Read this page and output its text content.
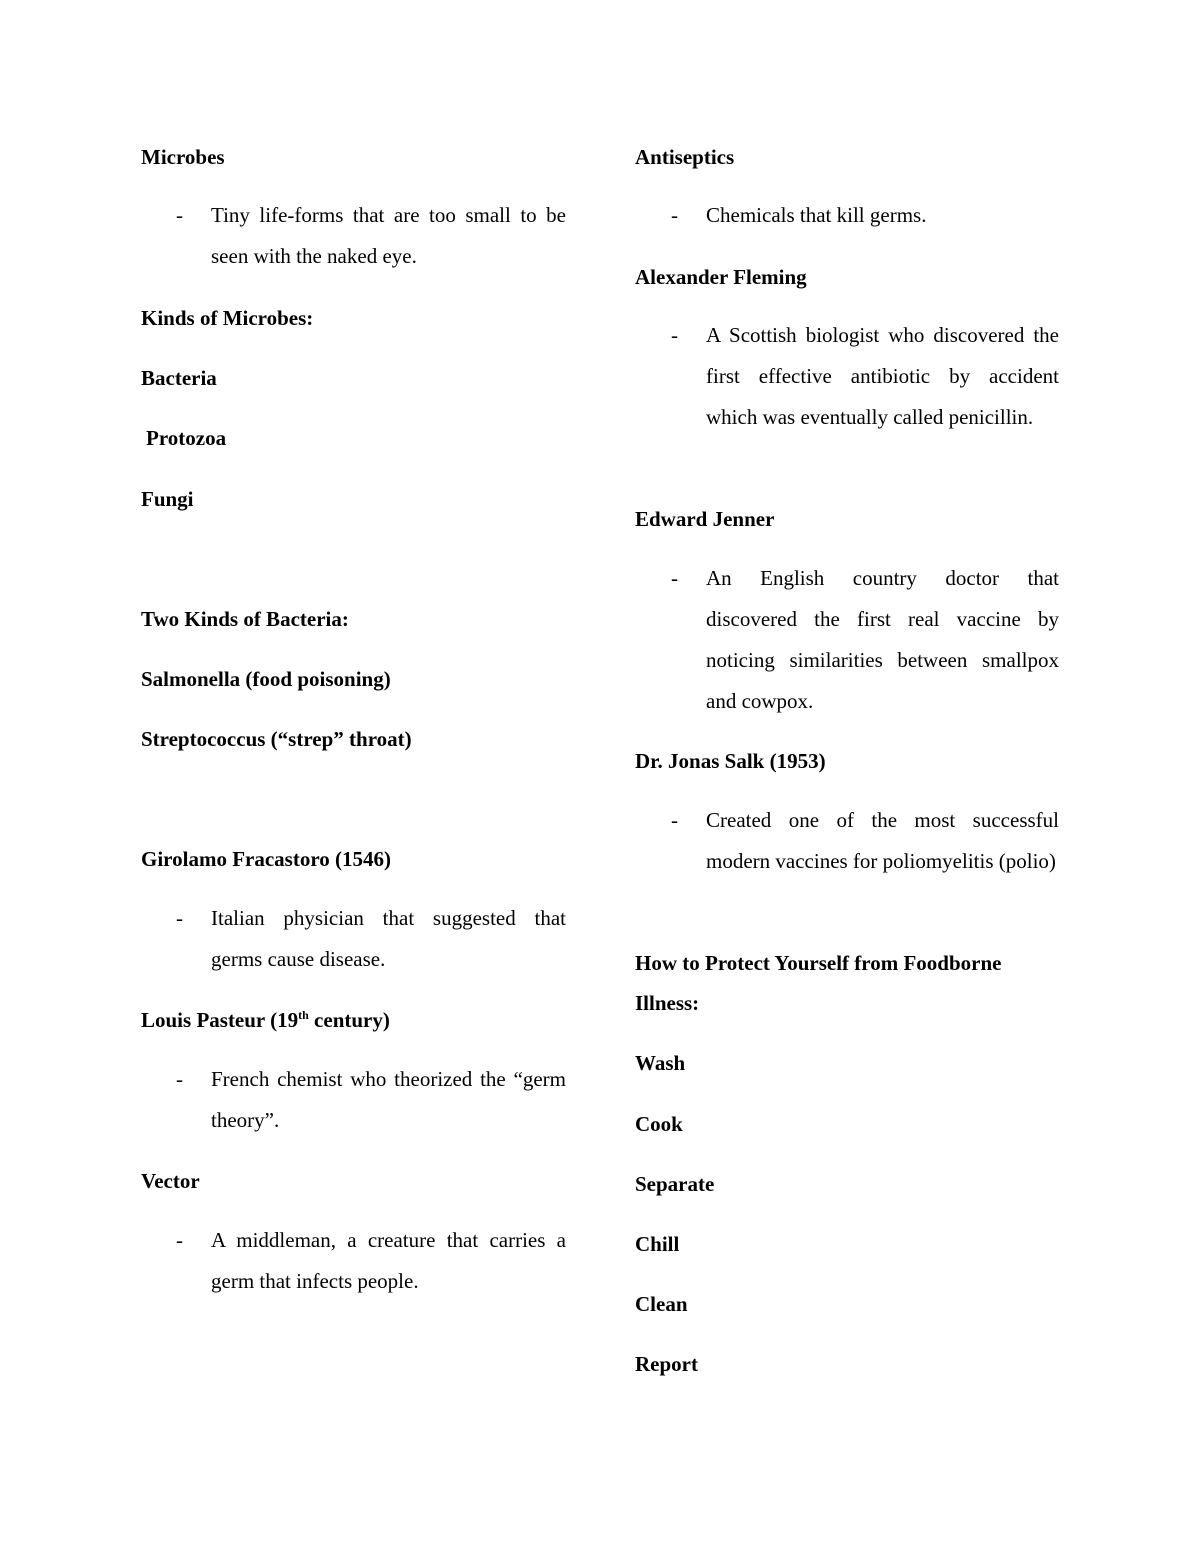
Microbes
- Tiny life-forms that are too small to be seen with the naked eye.
Kinds of Microbes:
Bacteria
Protozoa
Fungi
Two Kinds of Bacteria:
Salmonella (food poisoning)
Streptococcus (“strep” throat)
Girolamo Fracastoro (1546)
- Italian physician that suggested that germs cause disease.
Louis Pasteur (19th century)
- French chemist who theorized the “germ theory”.
Vector
- A middleman, a creature that carries a germ that infects people.
Antiseptics
- Chemicals that kill germs.
Alexander Fleming
- A Scottish biologist who discovered the first effective antibiotic by accident which was eventually called penicillin.
Edward Jenner
- An English country doctor that discovered the first real vaccine by noticing similarities between smallpox and cowpox.
Dr. Jonas Salk (1953)
- Created one of the most successful modern vaccines for poliomyelitis (polio)
How to Protect Yourself from Foodborne Illness:
Wash
Cook
Separate
Chill
Clean
Report
